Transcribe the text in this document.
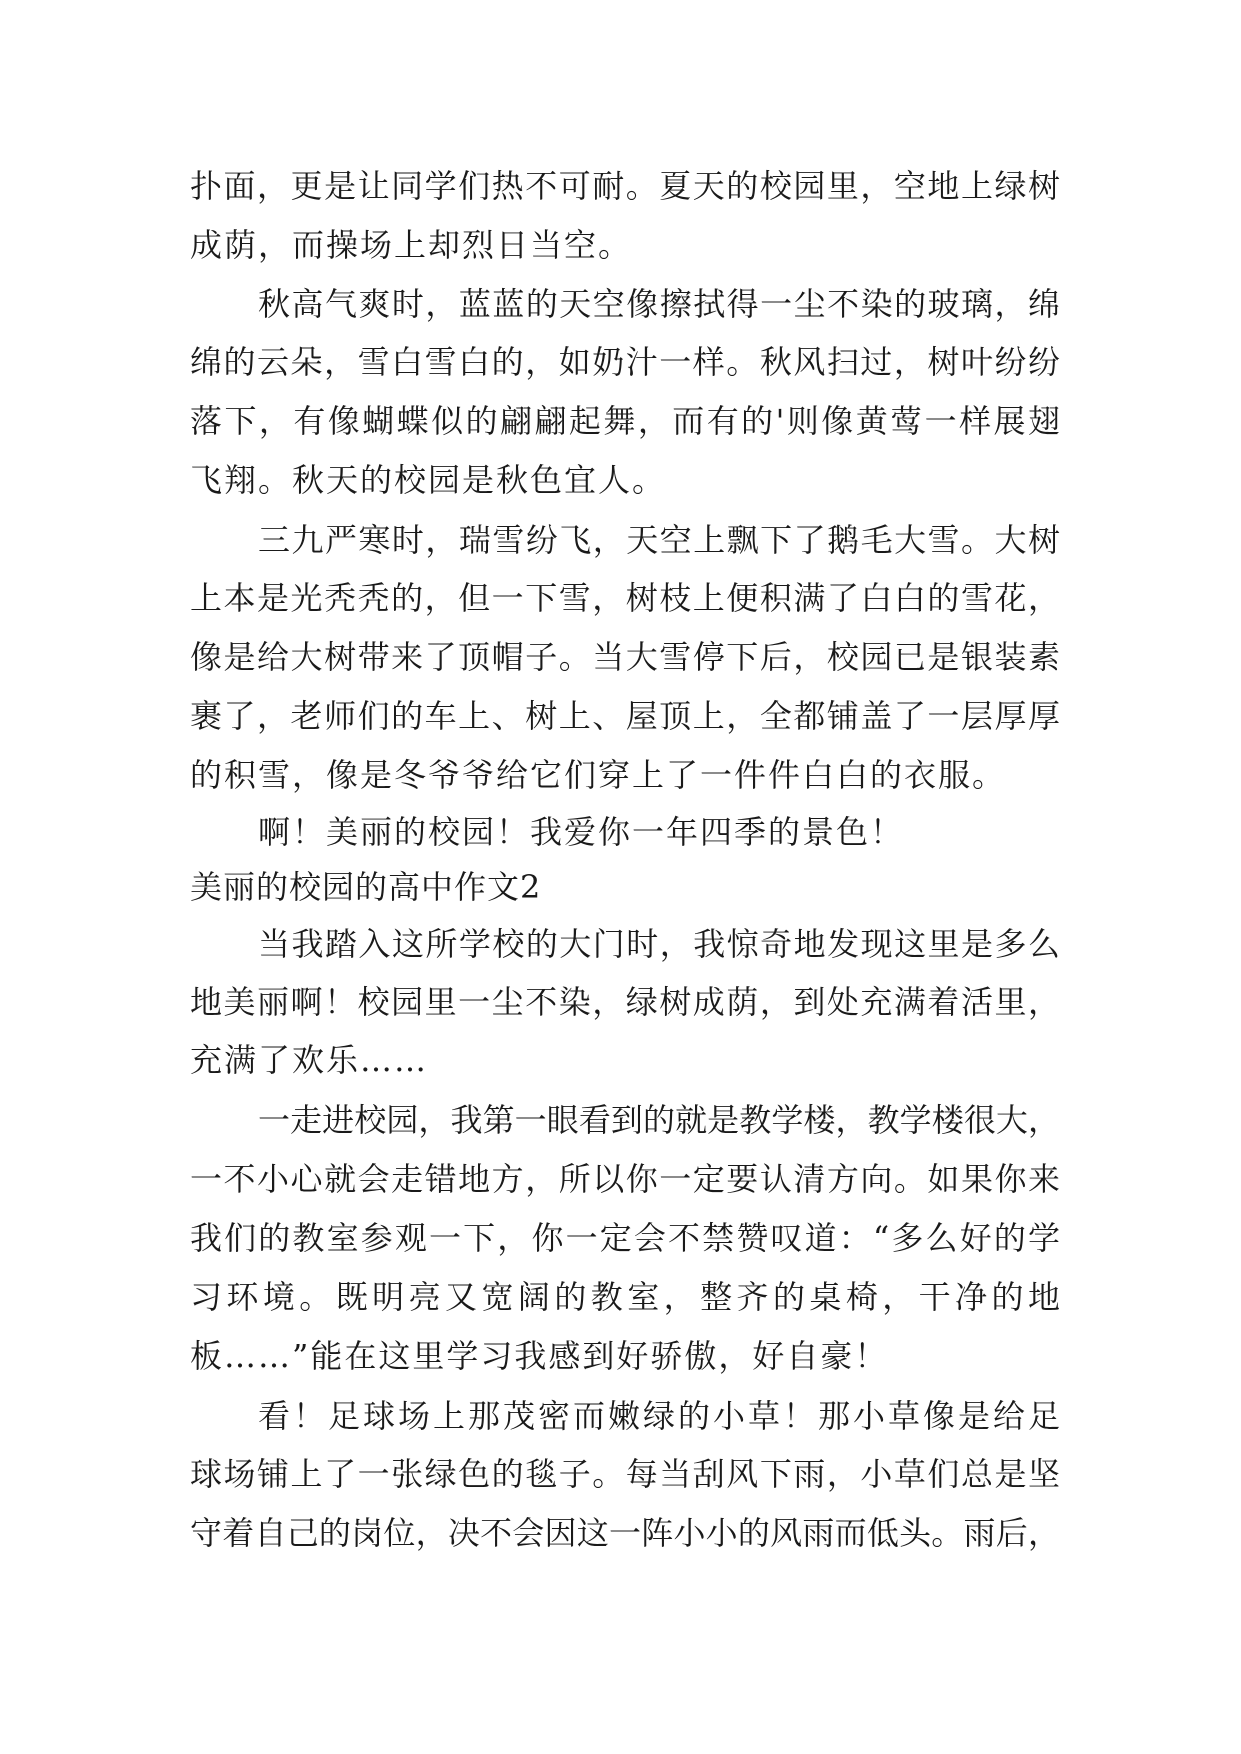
扑面，更是让同学们热不可耐。夏天的校园里，空地上绿树
成荫，而操场上却烈日当空。
秋高气爽时，蓝蓝的天空像擦拭得一尘不染的玻璃，绵
绵的云朵，雪白雪白的，如奶汁一样。秋风扫过，树叶纷纷
落下，有像蝴蝶似的翩翩起舞，而有的'则像黄莺一样展翅
飞翔。秋天的校园是秋色宜人。
三九严寒时，瑞雪纷飞，天空上飘下了鹅毛大雪。大树
上本是光秃秃的，但一下雪，树枝上便积满了白白的雪花，
像是给大树带来了顶帽子。当大雪停下后，校园已是银装素
裹了，老师们的车上、树上、屋顶上，全都铺盖了一层厚厚
的积雪，像是冬爷爷给它们穿上了一件件白白的衣服。
啊！美丽的校园！我爱你一年四季的景色！
美丽的校园的高中作文2
当我踏入这所学校的大门时，我惊奇地发现这里是多么
地美丽啊！校园里一尘不染，绿树成荫，到处充满着活里，
充满了欢乐……
一走进校园，我第一眼看到的就是教学楼，教学楼很大，
一不小心就会走错地方，所以你一定要认清方向。如果你来
我们的教室参观一下，你一定会不禁赞叹道：“多么好的学
习环境。既明亮又宽阔的教室，整齐的桌椅，干净的地
板……”能在这里学习我感到好骄傲，好自豪！
看！足球场上那茂密而嫩绿的小草！那小草像是给足
球场铺上了一张绿色的毯子。每当刮风下雨，小草们总是坚
守着自己的岗位，决不会因这一阵小小的风雨而低头。雨后，
